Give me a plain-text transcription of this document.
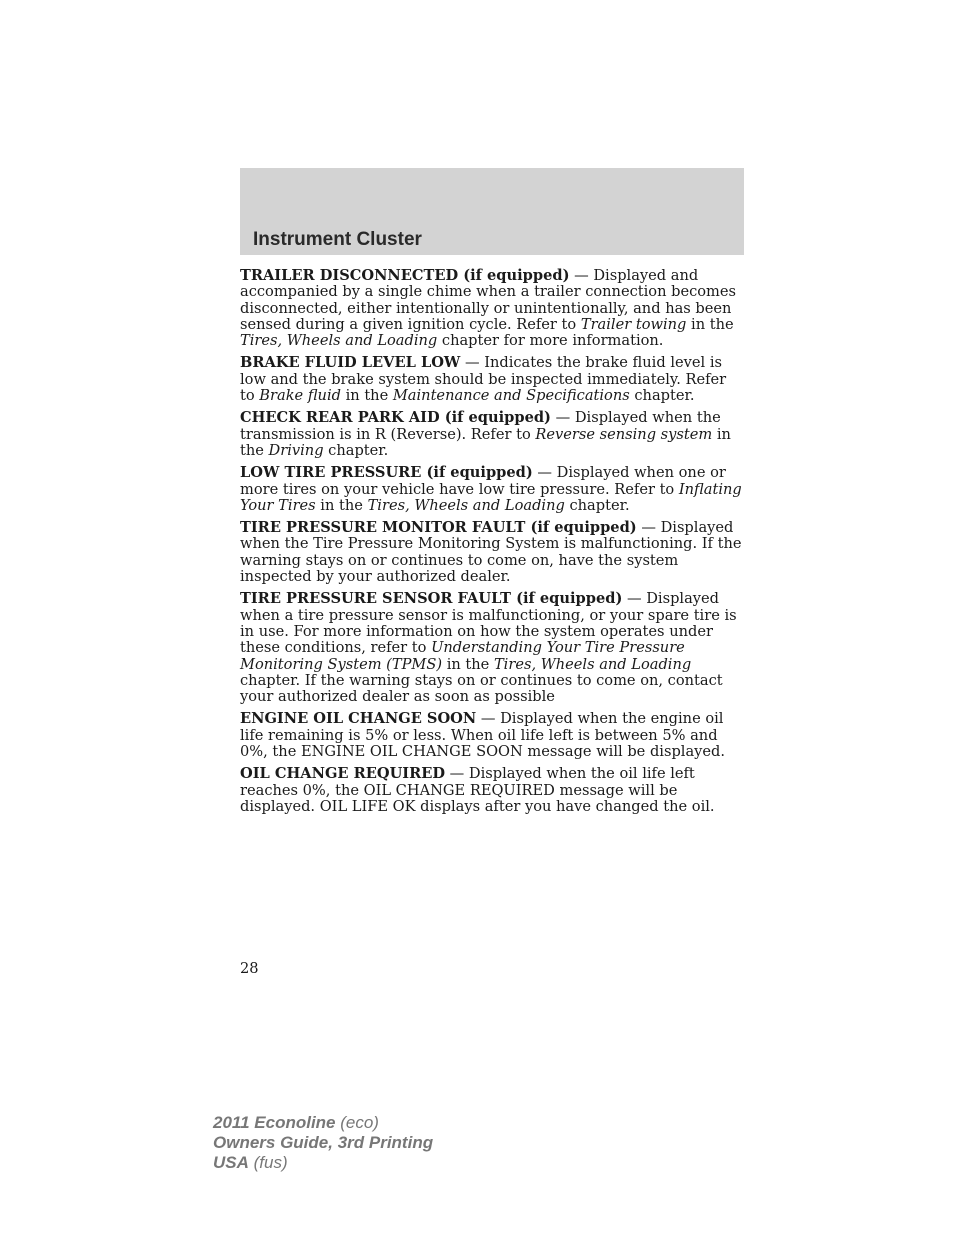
Instrument Cluster

TRAILER DISCONNECTED (if equipped) — Displayed and accompanied by a single chime when a trailer connection becomes disconnected, either intentionally or unintentionally, and has been sensed during a given ignition cycle. Refer to Trailer towing in the Tires, Wheels and Loading chapter for more information.

BRAKE FLUID LEVEL LOW — Indicates the brake fluid level is low and the brake system should be inspected immediately. Refer to Brake fluid in the Maintenance and Specifications chapter.

CHECK REAR PARK AID (if equipped) — Displayed when the transmission is in R (Reverse). Refer to Reverse sensing system in the Driving chapter.

LOW TIRE PRESSURE (if equipped) — Displayed when one or more tires on your vehicle have low tire pressure. Refer to Inflating Your Tires in the Tires, Wheels and Loading chapter.

TIRE PRESSURE MONITOR FAULT (if equipped) — Displayed when the Tire Pressure Monitoring System is malfunctioning. If the warning stays on or continues to come on, have the system inspected by your authorized dealer.

TIRE PRESSURE SENSOR FAULT (if equipped) — Displayed when a tire pressure sensor is malfunctioning, or your spare tire is in use. For more information on how the system operates under these conditions, refer to Understanding Your Tire Pressure Monitoring System (TPMS) in the Tires, Wheels and Loading chapter. If the warning stays on or continues to come on, contact your authorized dealer as soon as possible

ENGINE OIL CHANGE SOON — Displayed when the engine oil life remaining is 5% or less. When oil life left is between 5% and 0%, the ENGINE OIL CHANGE SOON message will be displayed.

OIL CHANGE REQUIRED — Displayed when the oil life left reaches 0%, the OIL CHANGE REQUIRED message will be displayed. OIL LIFE OK displays after you have changed the oil.

28
2011 Econoline (eco)
Owners Guide, 3rd Printing
USA (fus)
